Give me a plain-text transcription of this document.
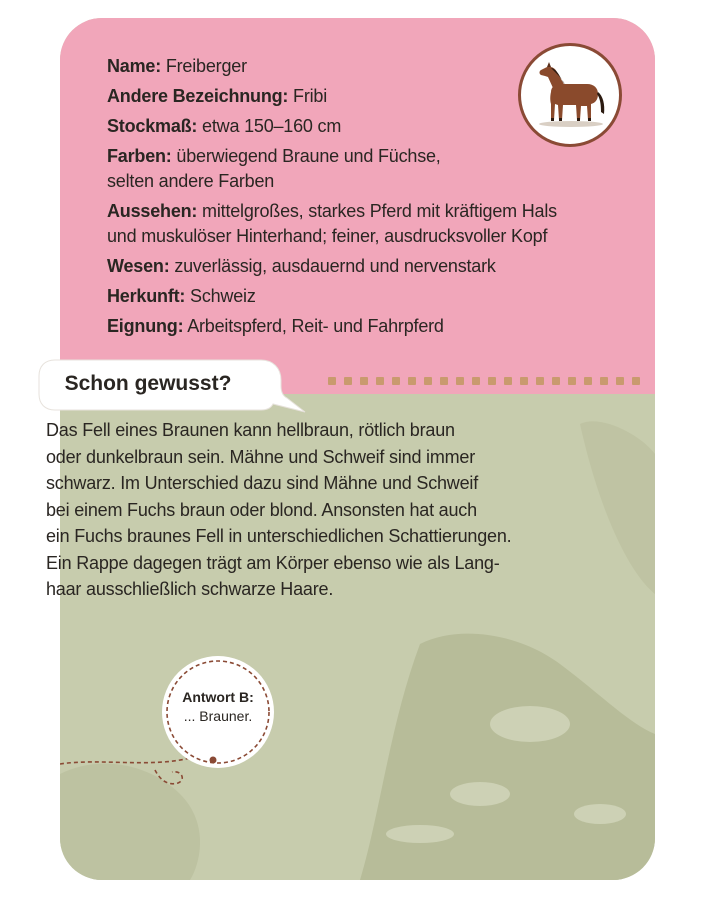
Name: Freiberger
Andere Bezeichnung: Fribi
Stockmaß: etwa 150–160 cm
Farben: überwiegend Braune und Füchse,
selten andere Farben
Aussehen: mittelgroßes, starkes Pferd mit kräftigem Hals
und muskulöser Hinterhand; feiner, ausdrucksvoller Kopf
Wesen: zuverlässig, ausdauernd und nervenstark
Herkunft: Schweiz
Eignung: Arbeitspferd, Reit- und Fahrpferd
Schon gewusst?

Das Fell eines Braunen kann hellbraun, rötlich braun
oder dunkelbraun sein. Mähne und Schweif sind immer
schwarz. Im Unterschied dazu sind Mähne und Schweif
bei einem Fuchs braun oder blond. Ansonsten hat auch
ein Fuchs braunes Fell in unterschiedlichen Schattierungen.
Ein Rappe dagegen trägt am Körper ebenso wie als Lang-
haar ausschließlich schwarze Haare.

Antwort B:
... Brauner.
